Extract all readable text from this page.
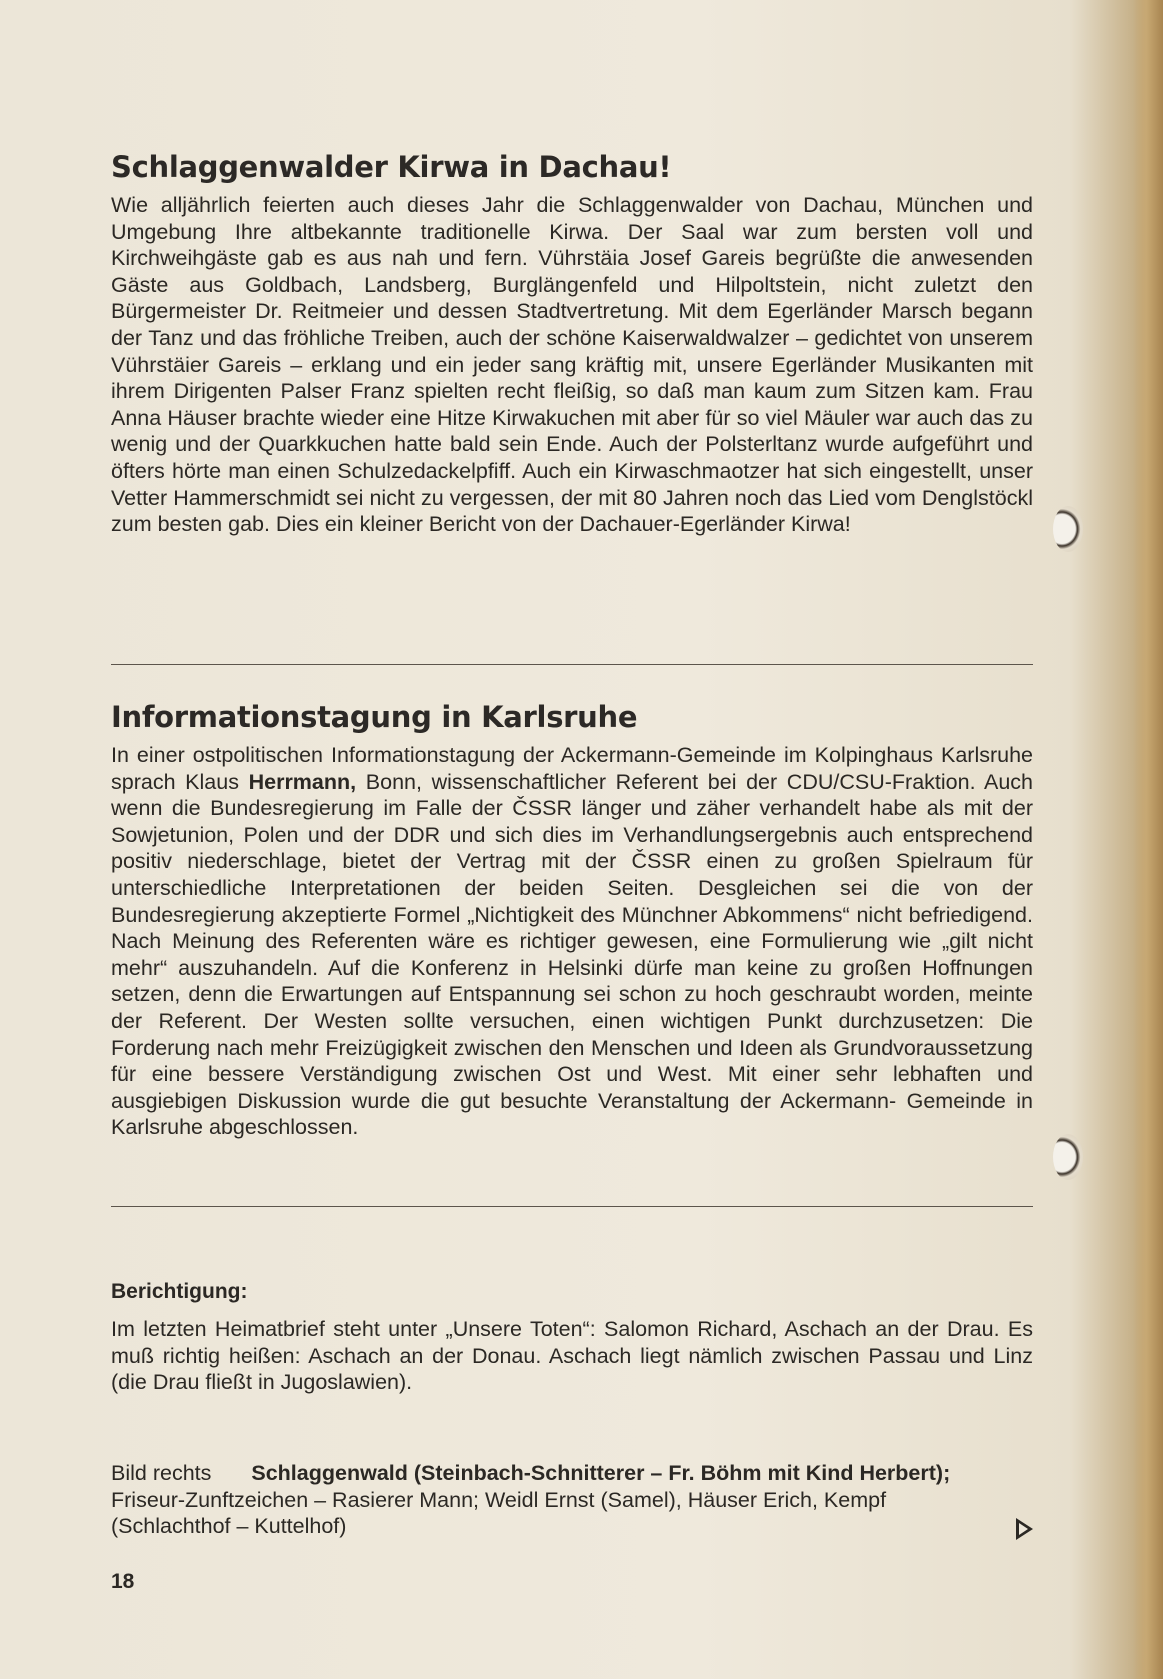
Schlaggenwalder Kirwa in Dachau!

Wie alljährlich feierten auch dieses Jahr die Schlaggenwalder von Dachau, München und Umgebung Ihre altbekannte traditionelle Kirwa. Der Saal war zum bersten voll und Kirchweihgäste gab es aus nah und fern. Vührstäia Josef Gareis begrüßte die anwesenden Gäste aus Goldbach, Landsberg, Burglängenfeld und Hilpoltstein, nicht zuletzt den Bürgermeister Dr. Reitmeier und dessen Stadtvertretung. Mit dem Egerländer Marsch begann der Tanz und das fröhliche Treiben, auch der schöne Kaiserwaldwalzer – gedichtet von unserem Vührstäier Gareis – erklang und ein jeder sang kräftig mit, unsere Egerländer Musikanten mit ihrem Dirigenten Palser Franz spielten recht fleißig, so daß man kaum zum Sitzen kam. Frau Anna Häuser brachte wieder eine Hitze Kirwakuchen mit aber für so viel Mäuler war auch das zu wenig und der Quarkkuchen hatte bald sein Ende. Auch der Polsterltanz wurde aufgeführt und öfters hörte man einen Schulzedackelpfiff. Auch ein Kirwaschmaotzer hat sich eingestellt, unser Vetter Hammerschmidt sei nicht zu vergessen, der mit 80 Jahren noch das Lied vom Denglstöckl zum besten gab. Dies ein kleiner Bericht von der Dachauer-Egerländer Kirwa!

Informationstagung in Karlsruhe

In einer ostpolitischen Informationstagung der Ackermann-Gemeinde im Kolpinghaus Karlsruhe sprach Klaus Herrmann, Bonn, wissenschaftlicher Referent bei der CDU/CSU-Fraktion. Auch wenn die Bundesregierung im Falle der ČSSR länger und zäher verhandelt habe als mit der Sowjetunion, Polen und der DDR und sich dies im Verhandlungsergebnis auch entsprechend positiv niederschlage, bietet der Vertrag mit der ČSSR einen zu großen Spielraum für unterschiedliche Interpretationen der beiden Seiten. Desgleichen sei die von der Bundesregierung akzeptierte Formel „Nichtigkeit des Münchner Abkommens“ nicht befriedigend. Nach Meinung des Referenten wäre es richtiger gewesen, eine Formulierung wie „gilt nicht mehr“ auszuhandeln. Auf die Konferenz in Helsinki dürfe man keine zu großen Hoffnungen setzen, denn die Erwartungen auf Entspannung sei schon zu hoch geschraubt worden, meinte der Referent. Der Westen sollte versuchen, einen wichtigen Punkt durchzusetzen: Die Forderung nach mehr Freizügigkeit zwischen den Menschen und Ideen als Grundvoraussetzung für eine bessere Verständigung zwischen Ost und West. Mit einer sehr lebhaften und ausgiebigen Diskussion wurde die gut besuchte Veranstaltung der Ackermann- Gemeinde in Karlsruhe abgeschlossen.

Berichtigung:

Im letzten Heimatbrief steht unter „Unsere Toten“: Salomon Richard, Aschach an der Drau. Es muß richtig heißen: Aschach an der Donau. Aschach liegt nämlich zwischen Passau und Linz (die Drau fließt in Jugoslawien).

Bild rechts Schlaggenwald (Steinbach-Schnitterer – Fr. Böhm mit Kind Herbert);

Friseur-Zunftzeichen – Rasierer Mann; Weidl Ernst (Samel), Häuser Erich, Kempf

(Schlachthof – Kuttelhof)

18
